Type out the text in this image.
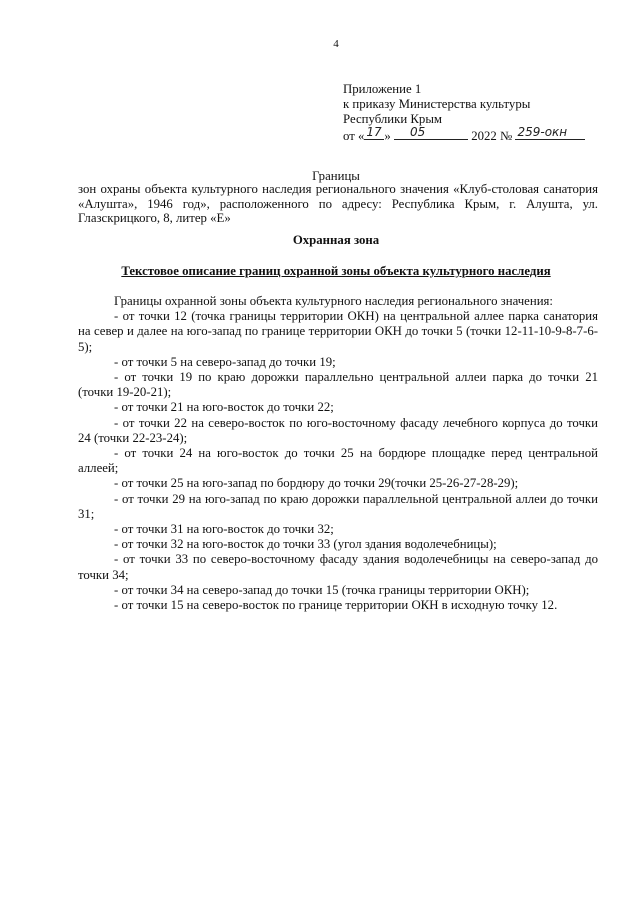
4
Приложение 1
к приказу Министерства культуры
Республики Крым
от « 17 » 05	2022 № 259-окн
Границы
зон охраны объекта культурного наследия регионального значения «Клуб-столовая санатория «Алушта», 1946 год», расположенного по адресу: Республика Крым, г. Алушта, ул. Глазскрицкого, 8, литер «Е»
Охранная зона
Текстовое описание границ охранной зоны объекта культурного наследия

Границы охранной зоны объекта культурного наследия регионального значения:

- от точки 12 (точка границы территории ОКН) на центральной аллее парка санатория на север и далее на юго-запад по границе территории ОКН до точки 5 (точки 12-11-10-9-8-7-6-5);

- от точки 5 на северо-запад до точки 19;

- от точки 19 по краю дорожки параллельно центральной аллеи парка до точки 21 (точки 19-20-21);

- от точки 21 на юго-восток до точки 22;

- от точки 22 на северо-восток по юго-восточному фасаду лечебного корпуса до точки 24 (точки 22-23-24);

- от точки 24 на юго-восток до точки 25 на бордюре площадке перед центральной аллеей;

- от точки 25 на юго-запад по бордюру до точки 29(точки 25-26-27-28-29);

- от точки 29 на юго-запад по краю дорожки параллельной центральной аллеи до точки 31;

- от точки 31 на юго-восток до точки 32;

- от точки 32 на юго-восток до точки 33 (угол здания водолечебницы);

- от точки 33 по северо-восточному фасаду здания водолечебницы на северо-запад до точки 34;

- от точки 34 на северо-запад до точки 15 (точка границы территории ОКН);

- от точки 15 на северо-восток по границе территории ОКН в исходную точку 12.
